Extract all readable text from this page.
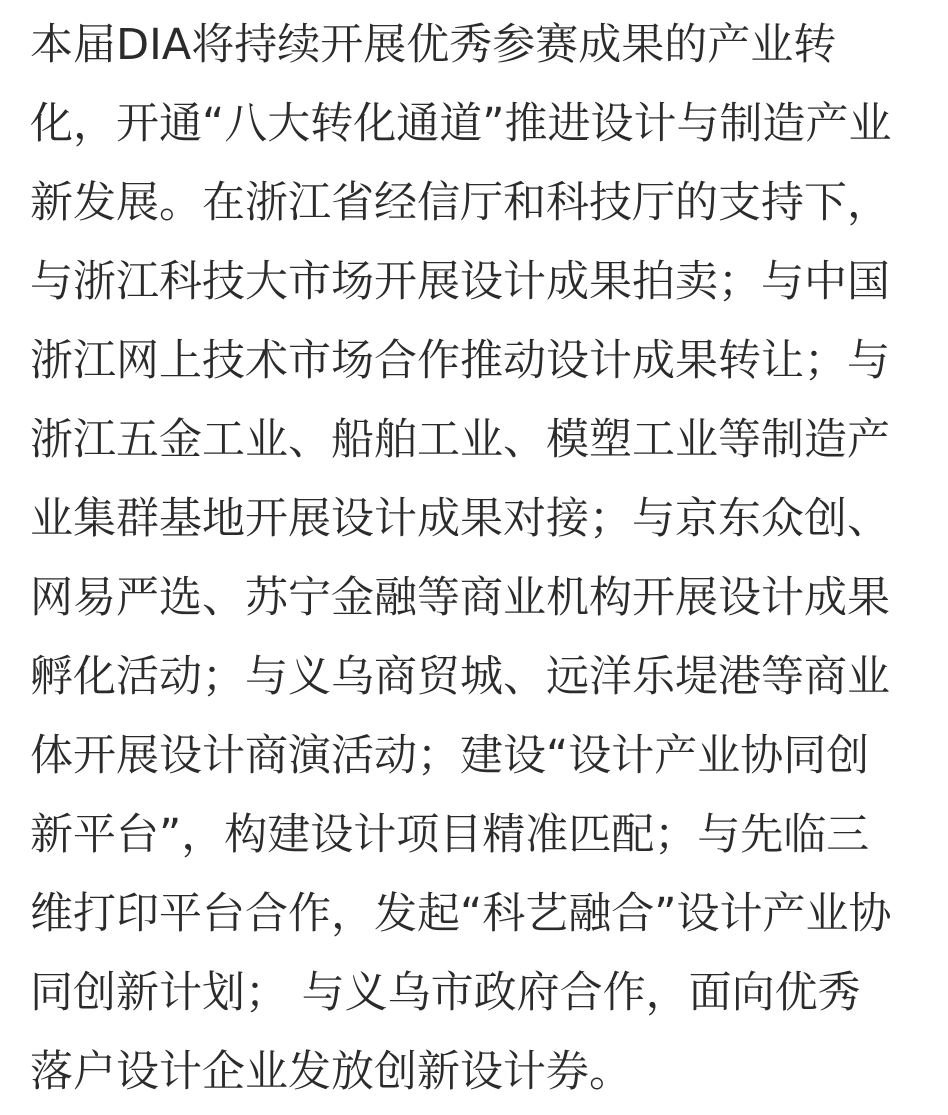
本届DIA将持续开展优秀参赛成果的产业转
化，开通“八大转化通道”推进设计与制造产业
新发展。在浙江省经信厅和科技厅的支持下，
与浙江科技大市场开展设计成果拍卖；与中国
浙江网上技术市场合作推动设计成果转让；与
浙江五金工业、船舶工业、模塑工业等制造产
业集群基地开展设计成果对接；与京东众创、
网易严选、苏宁金融等商业机构开展设计成果
孵化活动；与义乌商贸城、远洋乐堤港等商业
体开展设计商演活动；建设“设计产业协同创
新平台”，构建设计项目精准匹配；与先临三
维打印平台合作，发起“科艺融合”设计产业协
同创新计划； 与义乌市政府合作，面向优秀
落户设计企业发放创新设计券。
